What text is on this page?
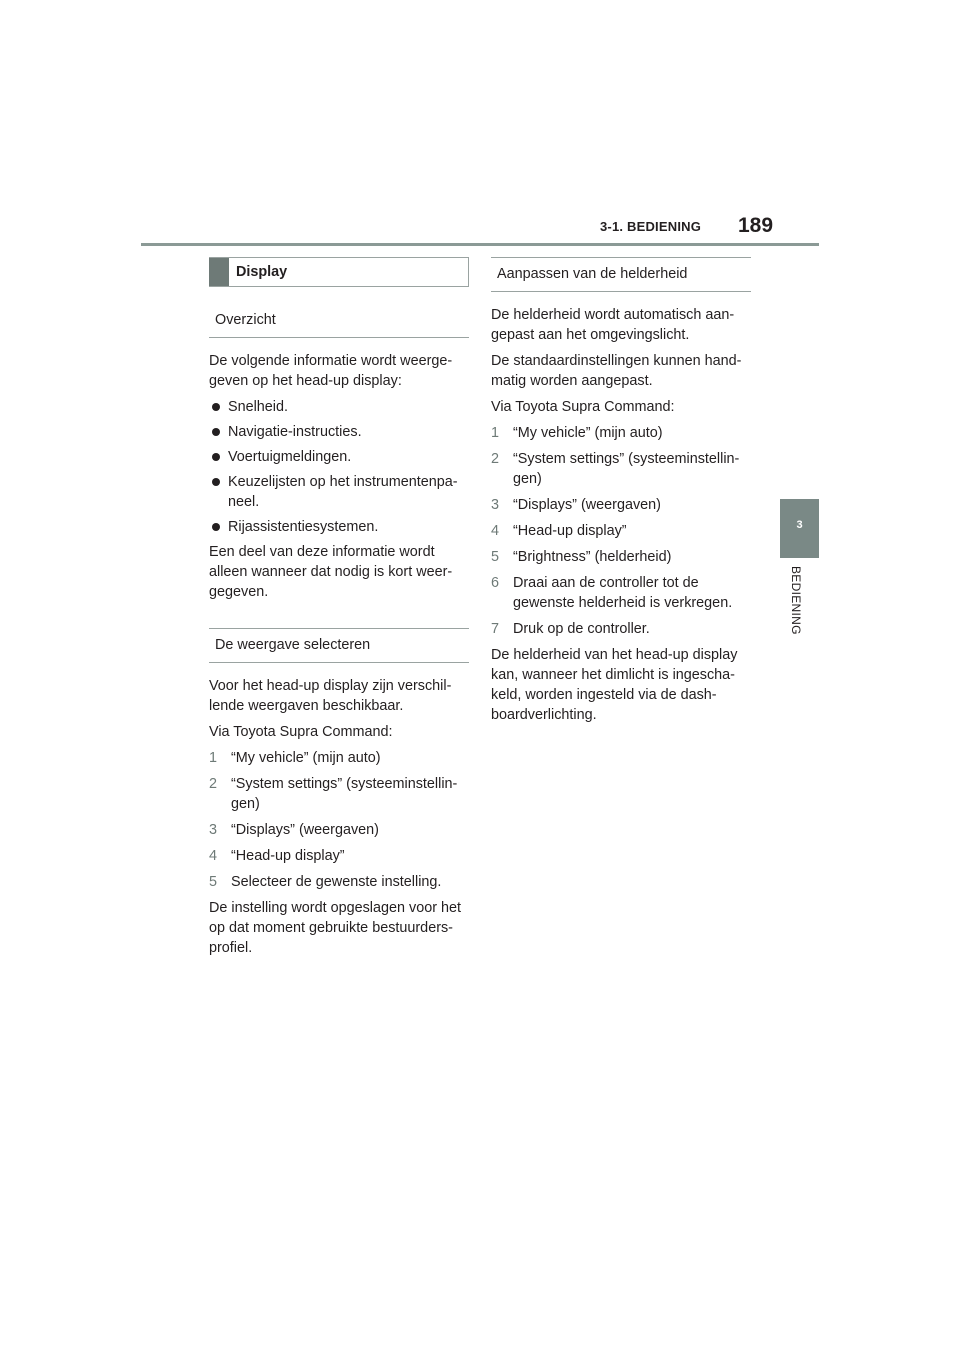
3-1. BEDIENING 189
3
BEDIENING
Display
Overzicht

De volgende informatie wordt weerge-geven op het head-up display:

Snelheid.
Navigatie-instructies.
Voertuigmeldingen.
Keuzelijsten op het instrumentenpa-neel.
Rijassistentiesystemen.

Een deel van deze informatie wordt alleen wanneer dat nodig is kort weer-gegeven.

De weergave selecteren

Voor het head-up display zijn verschil-lende weergaven beschikbaar.

Via Toyota Supra Command:

1 “My vehicle” (mijn auto)
2 “System settings” (systeeminstellin-gen)
3 “Displays” (weergaven)
4 “Head-up display”
5 Selecteer de gewenste instelling.

De instelling wordt opgeslagen voor het op dat moment gebruikte bestuurders-profiel.

Aanpassen van de helderheid

De helderheid wordt automatisch aan-gepast aan het omgevingslicht.

De standaardinstellingen kunnen hand-matig worden aangepast.

Via Toyota Supra Command:

1 “My vehicle” (mijn auto)
2 “System settings” (systeeminstellin-gen)
3 “Displays” (weergaven)
4 “Head-up display”
5 “Brightness” (helderheid)
6 Draai aan de controller tot de gewenste helderheid is verkregen.
7 Druk op de controller.

De helderheid van het head-up display kan, wanneer het dimlicht is ingescha-keld, worden ingesteld via de dash-boardverlichting.
